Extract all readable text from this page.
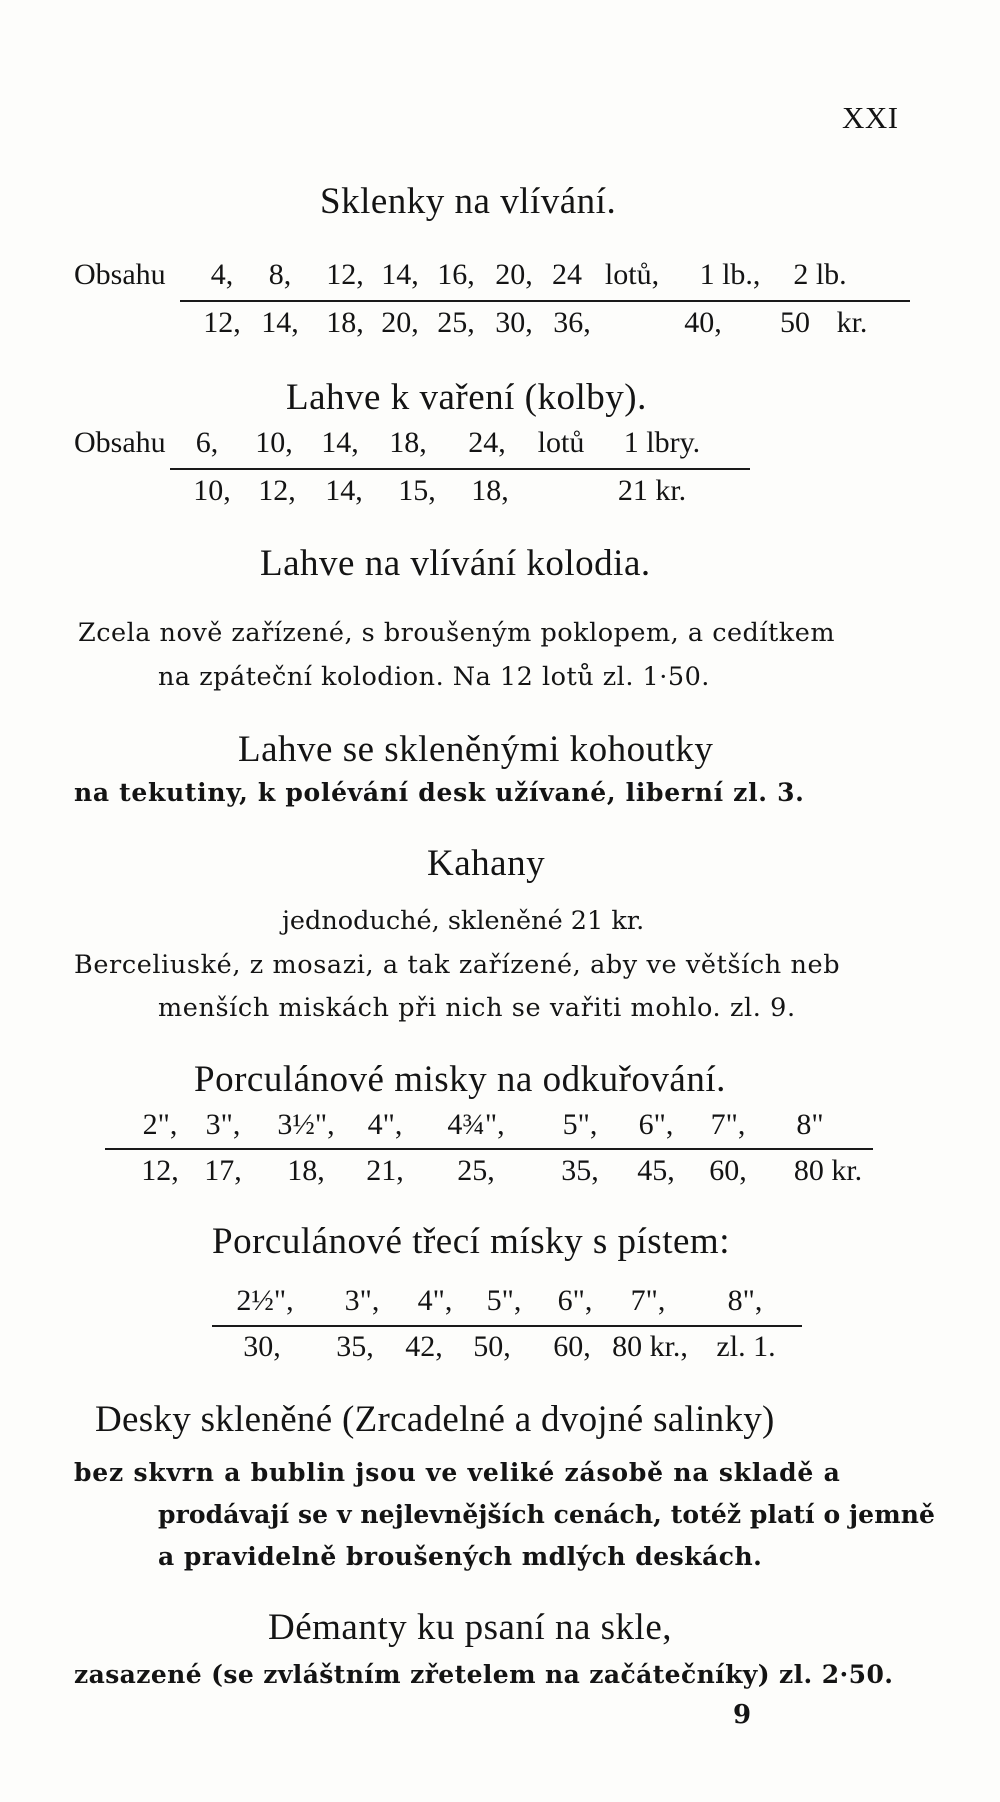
XXI
Sklenky na vlívání.
Obsahu 4, 8, 12, 14, 16, 20, 24 lotů, 1 lb., 2 lb.
12, 14, 18, 20, 25, 30, 36,	40, 50 kr.
Lahve k vaření (kolby).
Obsahu 6, 10, 14, 18, 24, lotů 1 lbry.
10, 12, 14, 15, 18,	21 kr.
Lahve na vlívání kolodia.
Zcela nově zařízené, s broušeným poklopem, a cedítkem
na zpáteční kolodion. Na 12 lotů zl. 1·50.
Lahve se skleněnými kohoutky
na tekutiny, k polévání desk užívané, liberní zl. 3.
Kahany
jednoduché, skleněné 21 kr.
Berceliuské, z mosazi, a tak zařízené, aby ve větších neb
menších miskách při nich se vařiti mohlo. zl. 9.
Porculánové misky na odkuřování.
2", 3", 3½", 4", 4¾", 5", 6", 7", 8"
12, 17, 18, 21, 25, 35, 45, 60, 80 kr.
Porculánové třecí mísky s pístem:
2½", 3", 4", 5", 6", 7", 8",
30, 35, 42, 50, 60, 80 kr., zl. 1.
Desky skleněné (Zrcadelné a dvojné salinky)
bez skvrn a bublin jsou ve veliké zásobě na skladě a
prodávají se v nejlevnějších cenách, totéž platí o jemně
a pravidelně broušených mdlých deskách.
Démanty ku psaní na skle,
zasazené (se zvláštním zřetelem na začátečníky) zl. 2·50.
9
